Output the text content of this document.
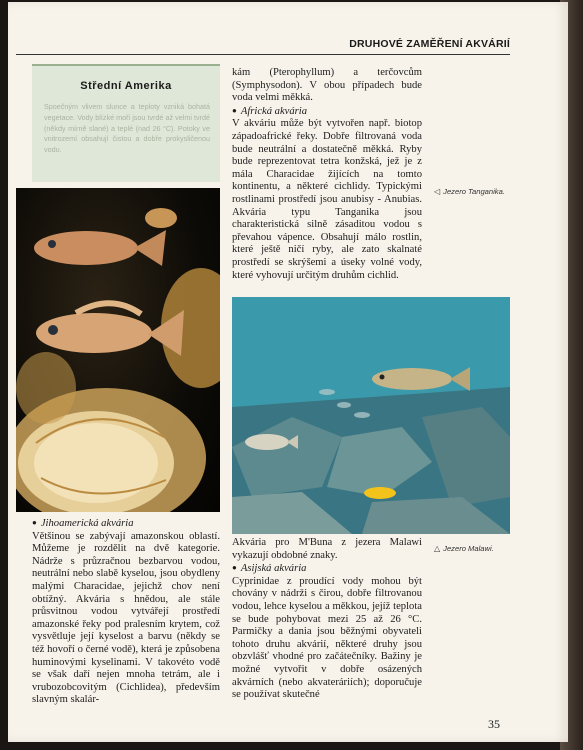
DRUHOVÉ ZAMĚŘENÍ AKVÁRIÍ
Střední Amerika
Spoečným vlivem slunce a teploty vzniká bohatá vegetace. Vody blízké moři jsou tvrdé až velmi tvrdé (někdy mírně slané) a teplé (nad 26 °C). Potoky ve vnitrozemí obsahují čistou a dobře prokysličenou vodu.

● Jihoamerická akvária

Většinou se zabývají amazonskou oblastí. Můžeme je rozdělit na dvě kategorie. Nádrže s průzračnou bezbarvou vodou, neutrální nebo slabě kyselou, jsou obydleny malými Characidae, jejichž chov není obtížný. Akvária s hnědou, ale stále průsvitnou vodou vytvářejí prostředí amazonské řeky pod pralesním krytem, což vysvětluje její kyselost a barvu (někdy se též hovoří o černé vodě), která je způsobena huminovými kyselinami. V takovéto vodě se však daří nejen mnoha tetrám, ale i vrubozobcovitým (Cichlidea), především slavným skalár-

kám (Pterophyllum) a terčovcům (Symphysodon). V obou případech bude voda velmi měkká.

● Africká akvária

V akváriu může být vytvořen např. biotop západoafrické řeky. Dobře filtrovaná voda bude neutrální a dostatečně měkká. Ryby bude reprezentovat tetra konžská, jež je z mála Characidae žijících na tomto kontinentu, a některé cichlidy. Typickými rostlinami prostředí jsou anubisy - Anubias. Akvária typu Tanganika jsou charakteristická silně zásaditou vodou s převahou vápence. Obsahují málo rostlin, které ještě ničí ryby, ale zato skalnaté prostředí se skrýšemi a úseky volné vody, které vyhovují určitým druhům cichlid.

Akvária pro M'Buna z jezera Malawi vykazují obdobné znaky.

● Asijská akvária

Cyprinidae z proudící vody mohou být chovány v nádrži s čirou, dobře filtrovanou vodou, lehce kyselou a měkkou, jejíž teplota se bude pohybovat mezi 25 až 26 °C. Parmičky a dania jsou běžnými obyvateli tohoto druhu akvárií, některé druhy jsou obzvlášť vhodné pro začátečníky. Bažiny je možné vytvořit v dobře osázených akvárních (nebo akvateráriích); doporučuje se používat skutečné

◁ Jezero Tanganika.
△ Jezero Malawi.
35
